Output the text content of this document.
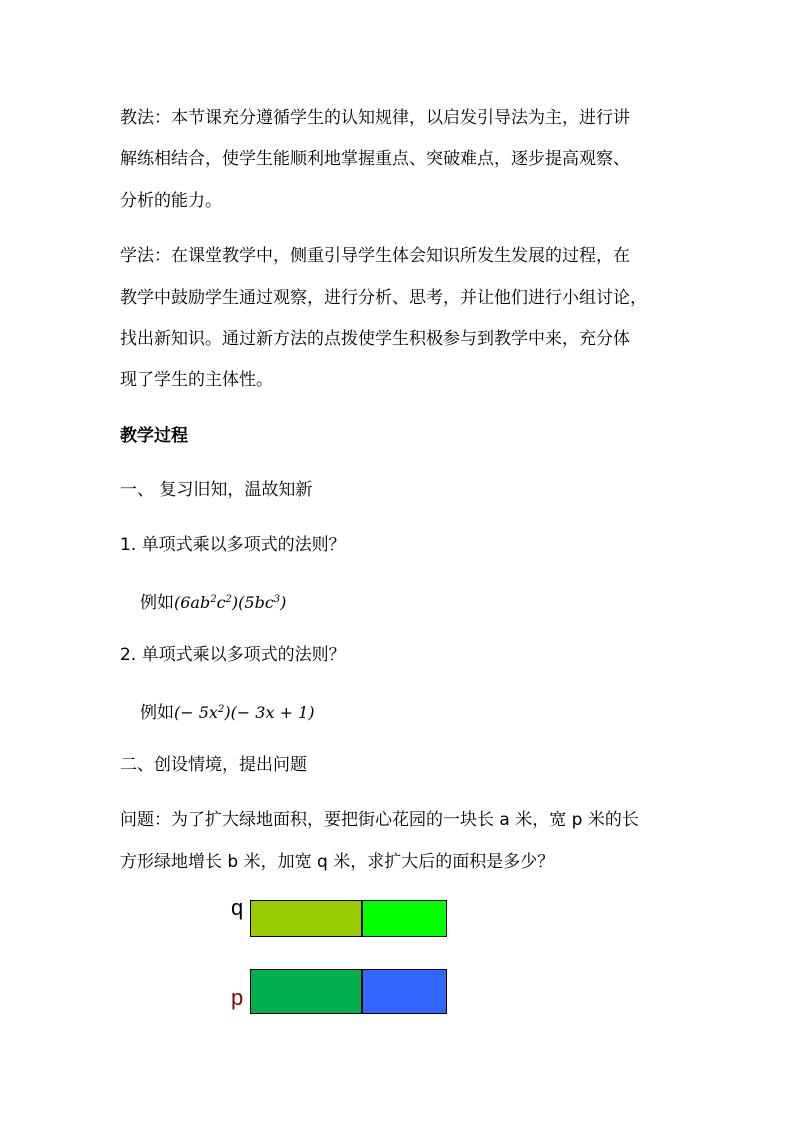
教法：本节课充分遵循学生的认知规律，以启发引导法为主，进行讲
解练相结合，使学生能顺利地掌握重点、突破难点，逐步提高观察、
分析的能力。
学法：在课堂教学中，侧重引导学生体会知识所发生发展的过程，在
教学中鼓励学生通过观察，进行分析、思考，并让他们进行小组讨论，
找出新知识。通过新方法的点拨使学生积极参与到教学中来，充分体
现了学生的主体性。
教学过程
一、 复习旧知，温故知新
1. 单项式乘以多项式的法则？
例如$(6ab^2c^2)(5bc^3)$
2. 单项式乘以多项式的法则？
例如(− $5x^2)(- 3x + 1)$
二、创设情境，提出问题
问题：为了扩大绿地面积，要把街心花园的一块长 a 米，宽 p 米的长
方形绿地增长 b 米，加宽 q 米，求扩大后的面积是多少？
q
p
